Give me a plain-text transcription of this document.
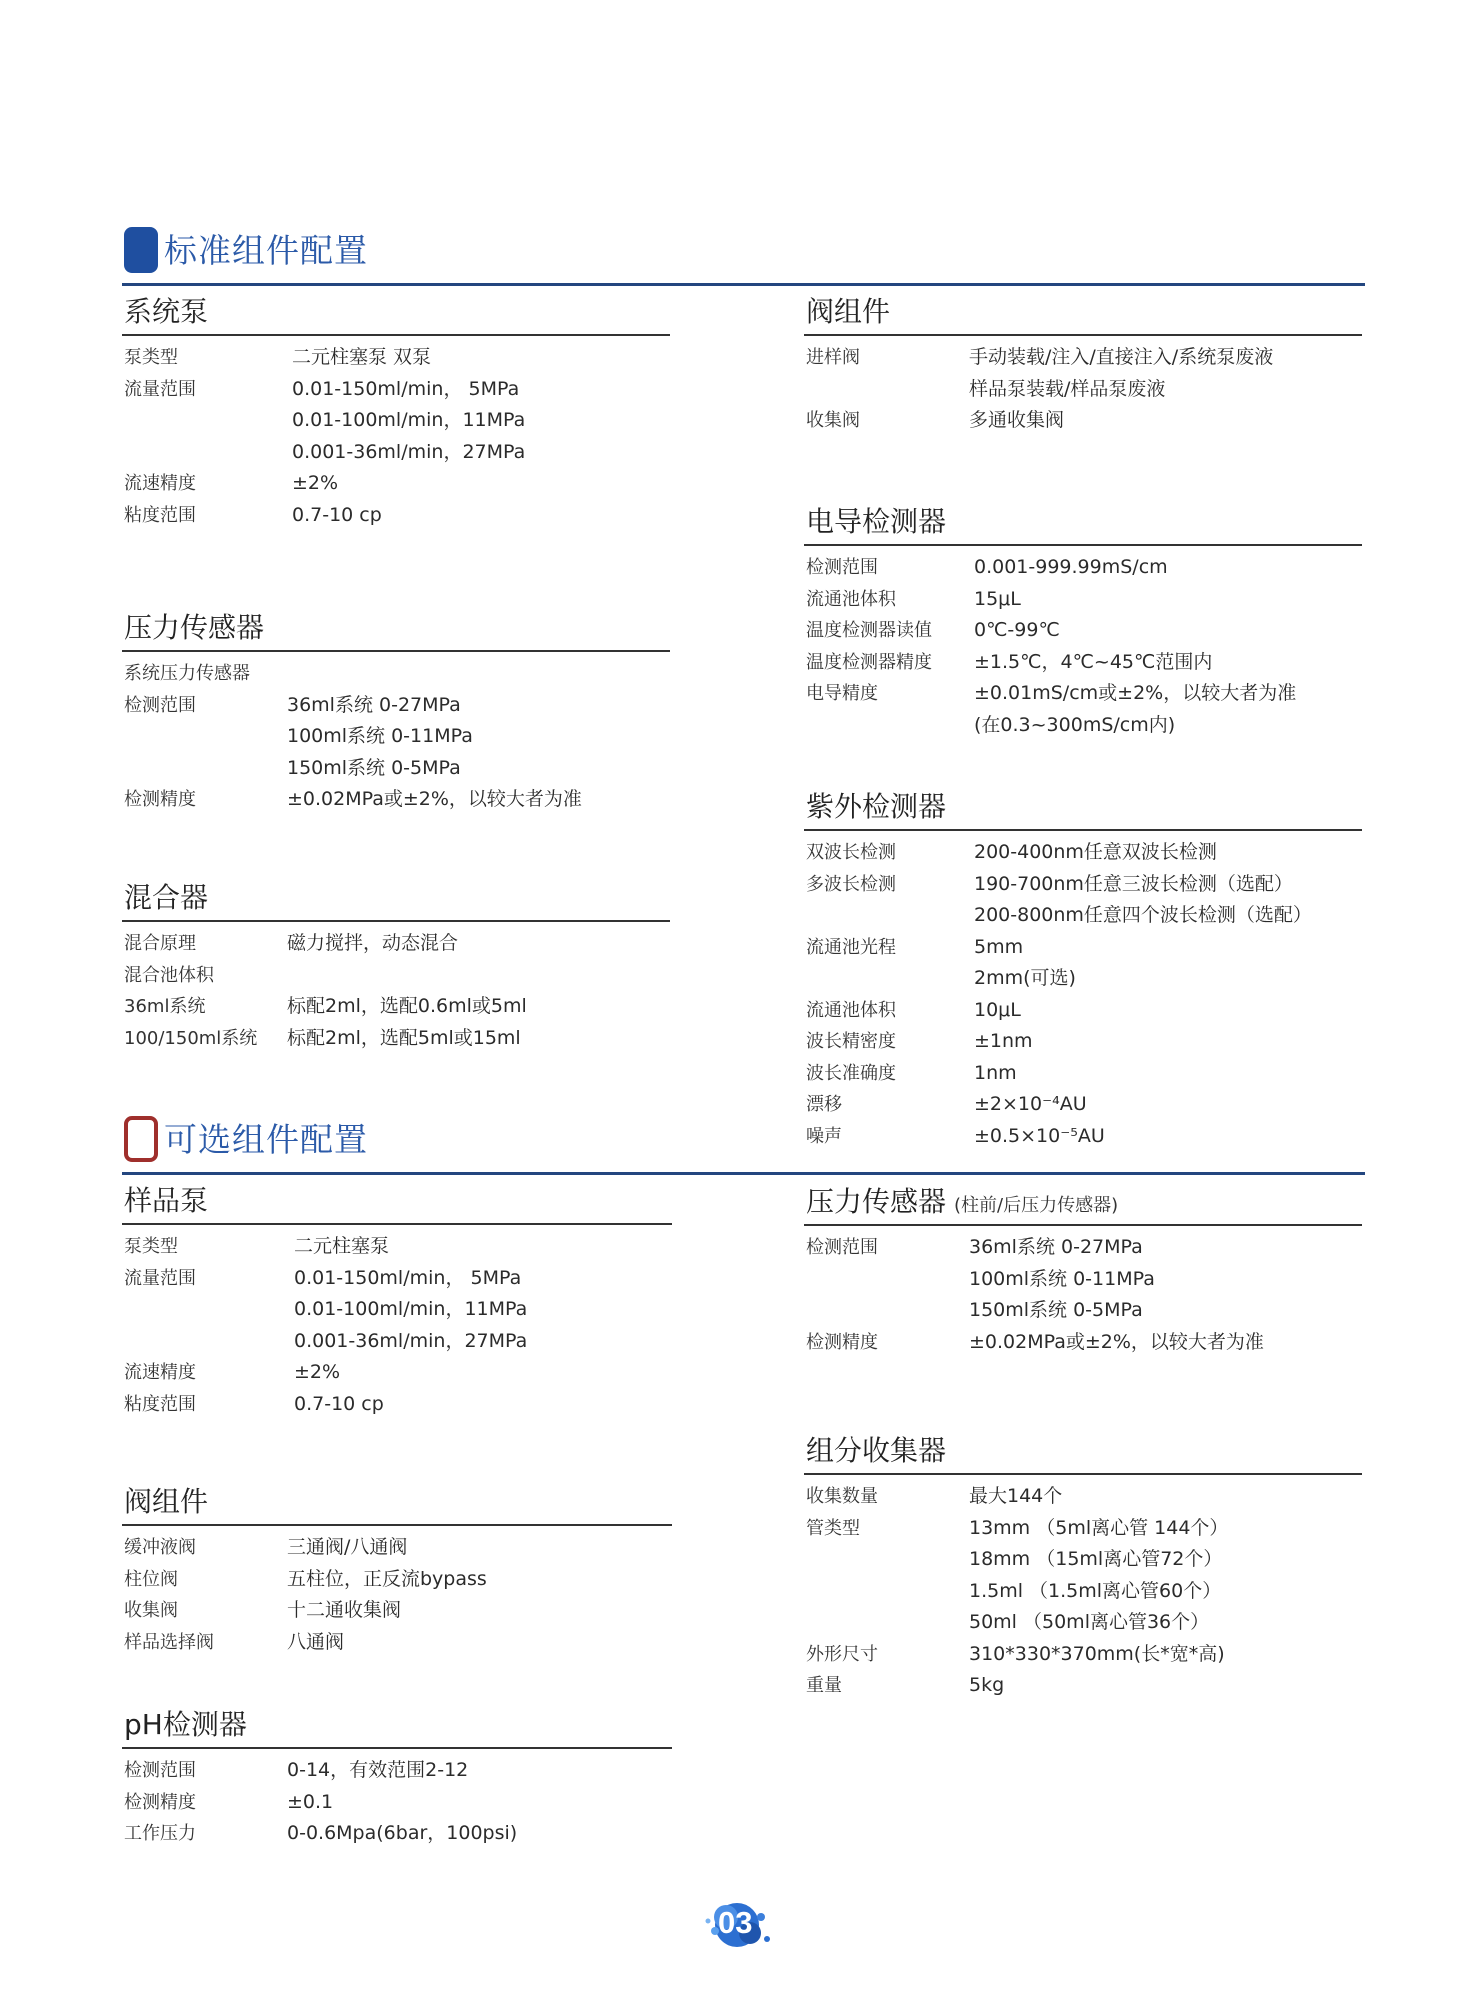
标准组件配置
可选组件配置
系统泵
泵类型	二元柱塞泵 双泵
流量范围	0.01-150ml/min， 5MPa
0.01-100ml/min，11MPa
0.001-36ml/min，27MPa
流速精度	±2%
粘度范围	0.7-10 cp
压力传感器
系统压力传感器
检测范围	36ml系统 0-27MPa
100ml系统 0-11MPa
150ml系统 0-5MPa
检测精度	±0.02MPa或±2%，以较大者为准
混合器
混合原理	磁力搅拌，动态混合
混合池体积
36ml系统	标配2ml，选配0.6ml或5ml
100/150ml系统 标配2ml，选配5ml或15ml
样品泵
泵类型	二元柱塞泵
流量范围	0.01-150ml/min， 5MPa
0.01-100ml/min，11MPa
0.001-36ml/min，27MPa
流速精度	±2%
粘度范围	0.7-10 cp
阀组件
缓冲液阀	三通阀/八通阀
柱位阀	五柱位，正反流bypass
收集阀	十二通收集阀
样品选择阀	八通阀
pH检测器
检测范围	0-14，有效范围2-12
检测精度	±0.1
工作压力	0-0.6Mpa(6bar，100psi)
阀组件
进样阀	手动装载/注入/直接注入/系统泵废液
样品泵装载/样品泵废液
收集阀	多通收集阀
电导检测器
检测范围	0.001-999.99mS/cm
流通池体积	15μL
温度检测器读值 0℃-99℃
温度检测器精度 ±1.5℃，4℃~45℃范围内
电导精度	±0.01mS/cm或±2%，以较大者为准
(在0.3~300mS/cm内)
紫外检测器
双波长检测	200-400nm任意双波长检测
多波长检测	190-700nm任意三波长检测（选配）
200-800nm任意四个波长检测（选配）
流通池光程	5mm
2mm(可选)
流通池体积	10μL
波长精密度	±1nm
波长准确度	1nm
漂移	±2×10⁻⁴AU
噪声	±0.5×10⁻⁵AU
压力传感器 (柱前/后压力传感器)
检测范围	36ml系统 0-27MPa
100ml系统 0-11MPa
150ml系统 0-5MPa
检测精度	±0.02MPa或±2%，以较大者为准
组分收集器
收集数量	最大144个
管类型	13mm （5ml离心管 144个）
18mm （15ml离心管72个）
1.5ml （1.5ml离心管60个）
50ml （50ml离心管36个）
外形尺寸	310*330*370mm(长*宽*高)
重量	5kg
03
